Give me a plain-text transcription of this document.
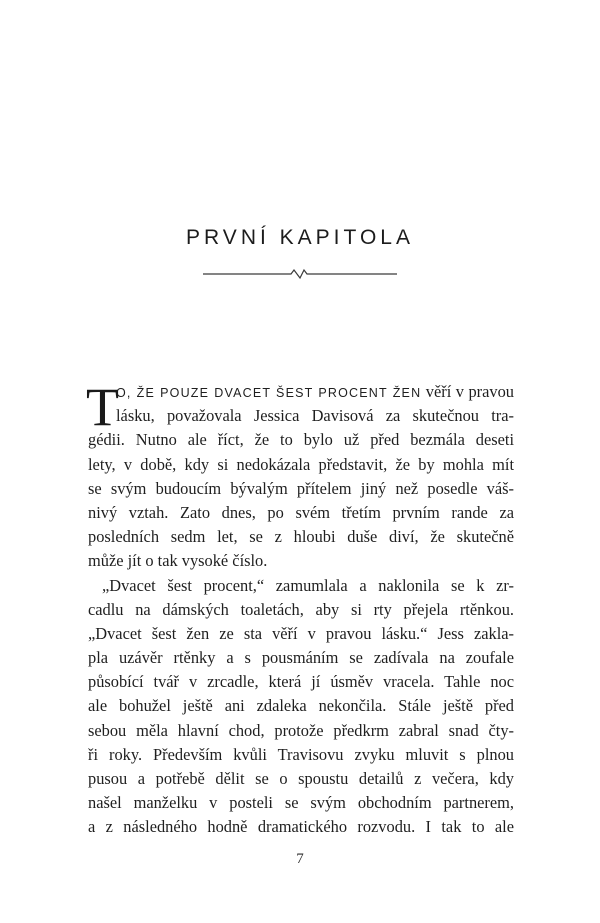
PRVNÍ KAPITOLA
T
O, ŽE POUZE DVACET ŠEST PROCENT ŽEN věří v pravou
lásku, považovala Jessica Davisová za skutečnou tra-
gédii. Nutno ale říct, že to bylo už před bezmála deseti
lety, v době, kdy si nedokázala představit, že by mohla mít
se svým budoucím bývalým přítelem jiný než posedle váš-
nivý vztah. Zato dnes, po svém třetím prvním rande za
posledních sedm let, se z hloubi duše diví, že skutečně
může jít o tak vysoké číslo.
„Dvacet šest procent,“ zamumlala a naklonila se k zr-
cadlu na dámských toaletách, aby si rty přejela rtěnkou.
„Dvacet šest žen ze sta věří v pravou lásku.“ Jess zakla-
pla uzávěr rtěnky a s pousmáním se zadívala na zoufale
působící tvář v zrcadle, která jí úsměv vracela. Tahle noc
ale bohužel ještě ani zdaleka nekončila. Stále ještě před
sebou měla hlavní chod, protože předkrm zabral snad čty-
ři roky. Především kvůli Travisovu zvyku mluvit s plnou
pusou a potřebě dělit se o spoustu detailů z večera, kdy
našel manželku v posteli se svým obchodním partnerem,
a z následného hodně dramatického rozvodu. I tak to ale
7
